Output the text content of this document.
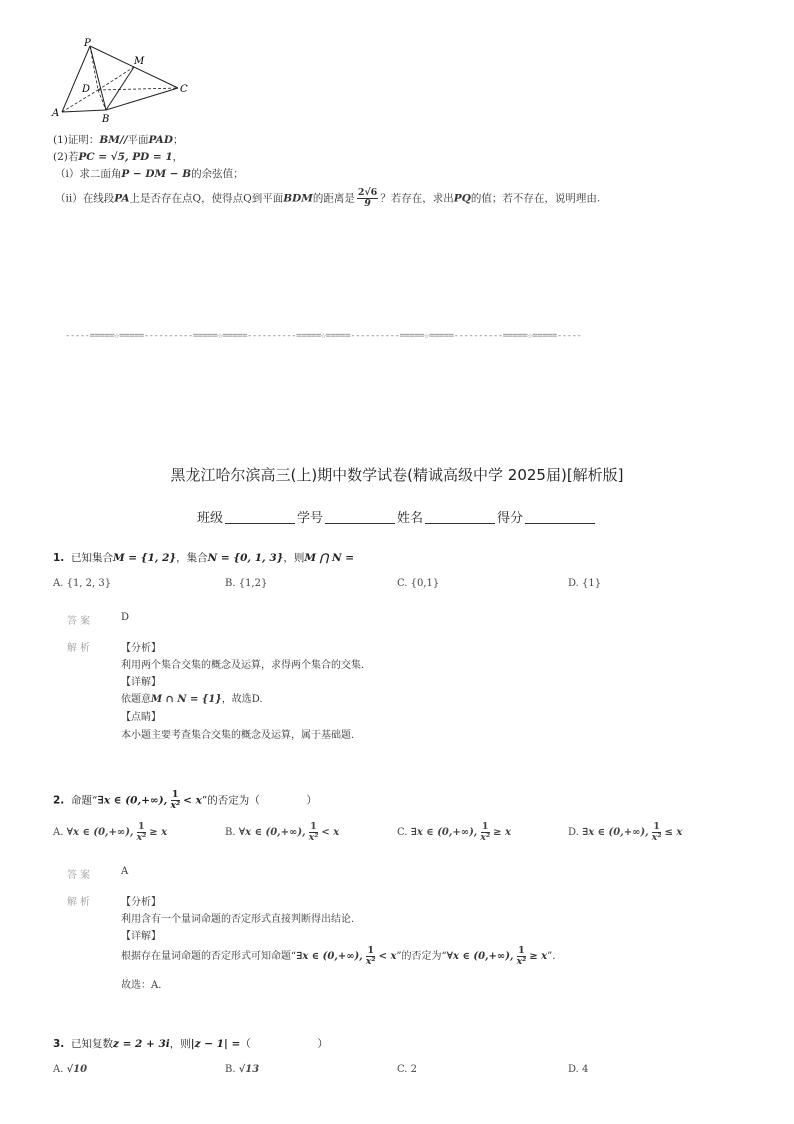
P
M
D
A
B
C
(1)证明：BM//平面PAD；
(2)若PC = √5, PD = 1，
（i）求二面角P − DM − B的余弦值；
（ii）在线段PA上是否存在点Q，使得点Q到平面BDM的距离是 $\frac{2√6}{9}$ ？若存在，求出PQ的值；若不存在，说明理由.
-----=====☆=====----------=====☆=====----------=====☆=====----------=====☆=====----------=====☆=====-----
黑龙江哈尔滨高三(上)期中数学试卷(精诚高级中学 2025届)[解析版]
班级	学号	姓名	得分
1. 已知集合M = {1, 2}，集合N = {0, 1, 3}，则M ⋂ N =
A. {1, 2, 3}	B. {1,2}	C. {0,1}	D. {1}
答案	D
解析	【分析】
利用两个集合交集的概念及运算，求得两个集合的交集.
【详解】
依题意M ∩ N = {1}，故选D.
【点睛】
本小题主要考查集合交集的概念及运算，属于基础题.
2. 命题“∃x ∈ (0,+∞), $\frac{1}{\text{x²}} < x$”的否定为（	）
A. ∀x ∈ (0,+∞), $\frac{1}{\text{x²}} \ge x$	B. ∀x ∈ (0,+∞), $\frac{1}{\text{x²}} < x$	C. ∃x ∈ (0,+∞), $\frac{1}{\text{x²}} \ge x$	D. ∃x ∈ (0,+∞), $\frac{1}{\text{x²}} \le x$
答案	A
解析	【分析】
利用含有一个量词命题的否定形式直接判断得出结论.
【详解】
根据存在量词命题的否定形式可知命题“∃x ∈ (0,+∞), $\frac{1}{\text{x²}} < x$”的否定为“∀x ∈ (0,+∞), $\frac{1}{\text{x²}} \ge x$”.
故选：A.
3. 已知复数z = 2 + 3i，则|z − 1| =（	）
A. √10	B. √13	C. 2	D. 4
